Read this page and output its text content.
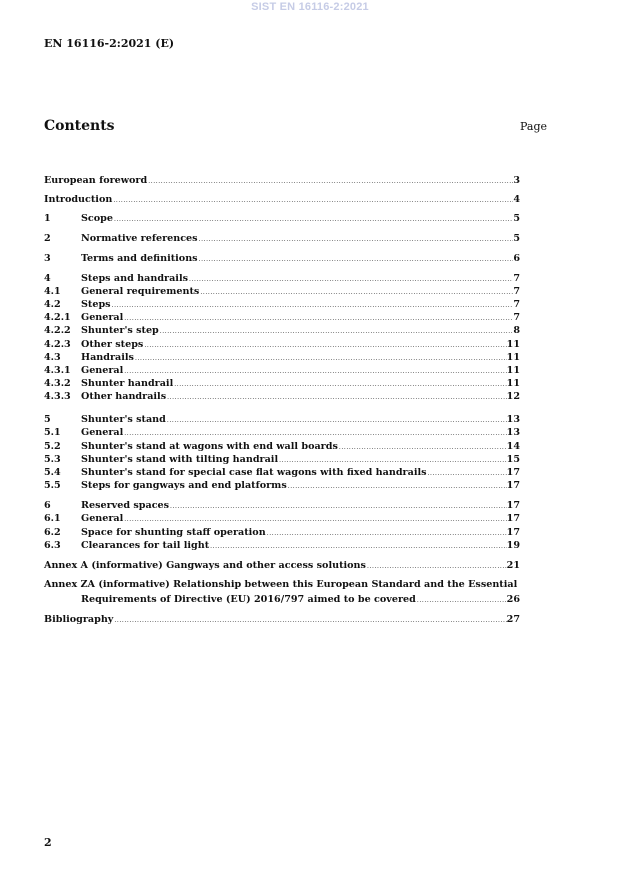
SIST EN 16116-2:2021
EN 16116-2:2021 (E)
Contents	Page
European foreword .....	3
Introduction .....	4
1	Scope .....	5
2	Normative references .....	5
3	Terms and definitions .....	6
4	Steps and handrails .....	7
4.1	General requirements .....	7
4.2	Steps .....	7
4.2.1	General .....	7
4.2.2	Shunter's step .....	8
4.2.3	Other steps .....	11
4.3	Handrails .....	11
4.3.1	General .....	11
4.3.2	Shunter handrail .....	11
4.3.3	Other handrails .....	12
5	Shunter's stand .....	13
5.1	General .....	13
5.2	Shunter's stand at wagons with end wall boards .....	14
5.3	Shunter's stand with tilting handrail .....	15
5.4	Shunter's stand for special case flat wagons with fixed handrails .....	17
5.5	Steps for gangways and end platforms .....	17
6	Reserved spaces .....	17
6.1	General .....	17
6.2	Space for shunting staff operation .....	17
6.3	Clearances for tail light .....	19
Annex A (informative) Gangways and other access solutions .....	21
Annex ZA (informative) Relationship between this European Standard and the Essential
Requirements of Directive (EU) 2016/797 aimed to be covered .....	26
Bibliography .....	27
2
